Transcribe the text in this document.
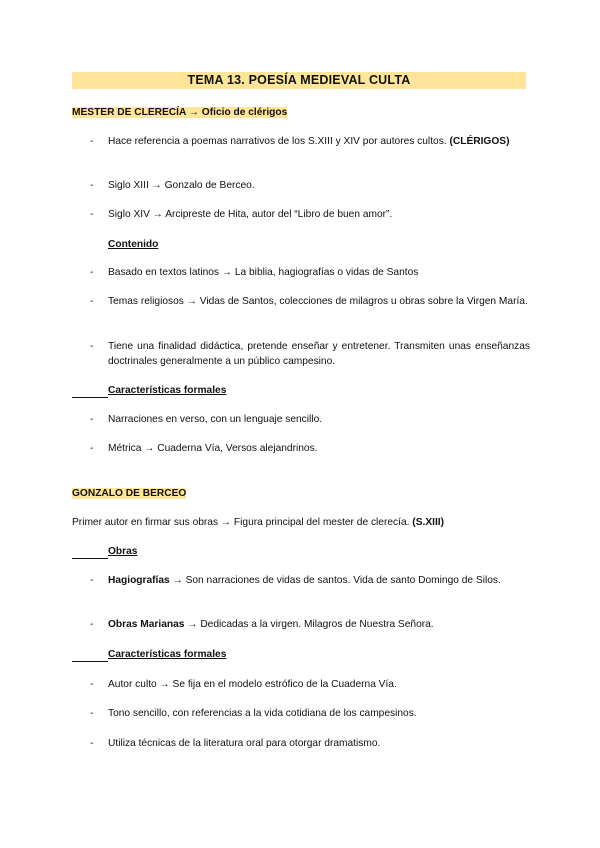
TEMA 13. POESÍA MEDIEVAL CULTA
MESTER DE CLERECÍA → Oficio de clérigos
- Hace referencia a poemas narrativos de los S.XIII y XIV por autores cultos. (CLÉRIGOS)
- Siglo XIII → Gonzalo de Berceo.
- Siglo XIV → Arcipreste de Hita, autor del “Libro de buen amor”.
Contenido
- Basado en textos latinos → La biblia, hagiografías o vidas de Santos
- Temas religiosos → Vidas de Santos, colecciones de milagros u obras sobre la Virgen María.
- Tiene una finalidad didáctica, pretende enseñar y entretener. Transmiten unas enseñanzas doctrinales generalmente a un público campesino.
Características formales
- Narraciones en verso, con un lenguaje sencillo.
- Métrica → Cuaderna Vía, Versos alejandrinos.
GONZALO DE BERCEO
Primer autor en firmar sus obras → Figura principal del mester de clerecía. (S.XIII)
Obras
- Hagiografías → Son narraciones de vidas de santos. Vida de santo Domingo de Silos.
- Obras Marianas → Dedicadas a la virgen. Milagros de Nuestra Señora.
Características formales
- Autor culto → Se fija en el modelo estrófico de la Cuaderna Vía.
- Tono sencillo, con referencias a la vida cotidiana de los campesinos.
- Utiliza técnicas de la literatura oral para otorgar dramatismo.
